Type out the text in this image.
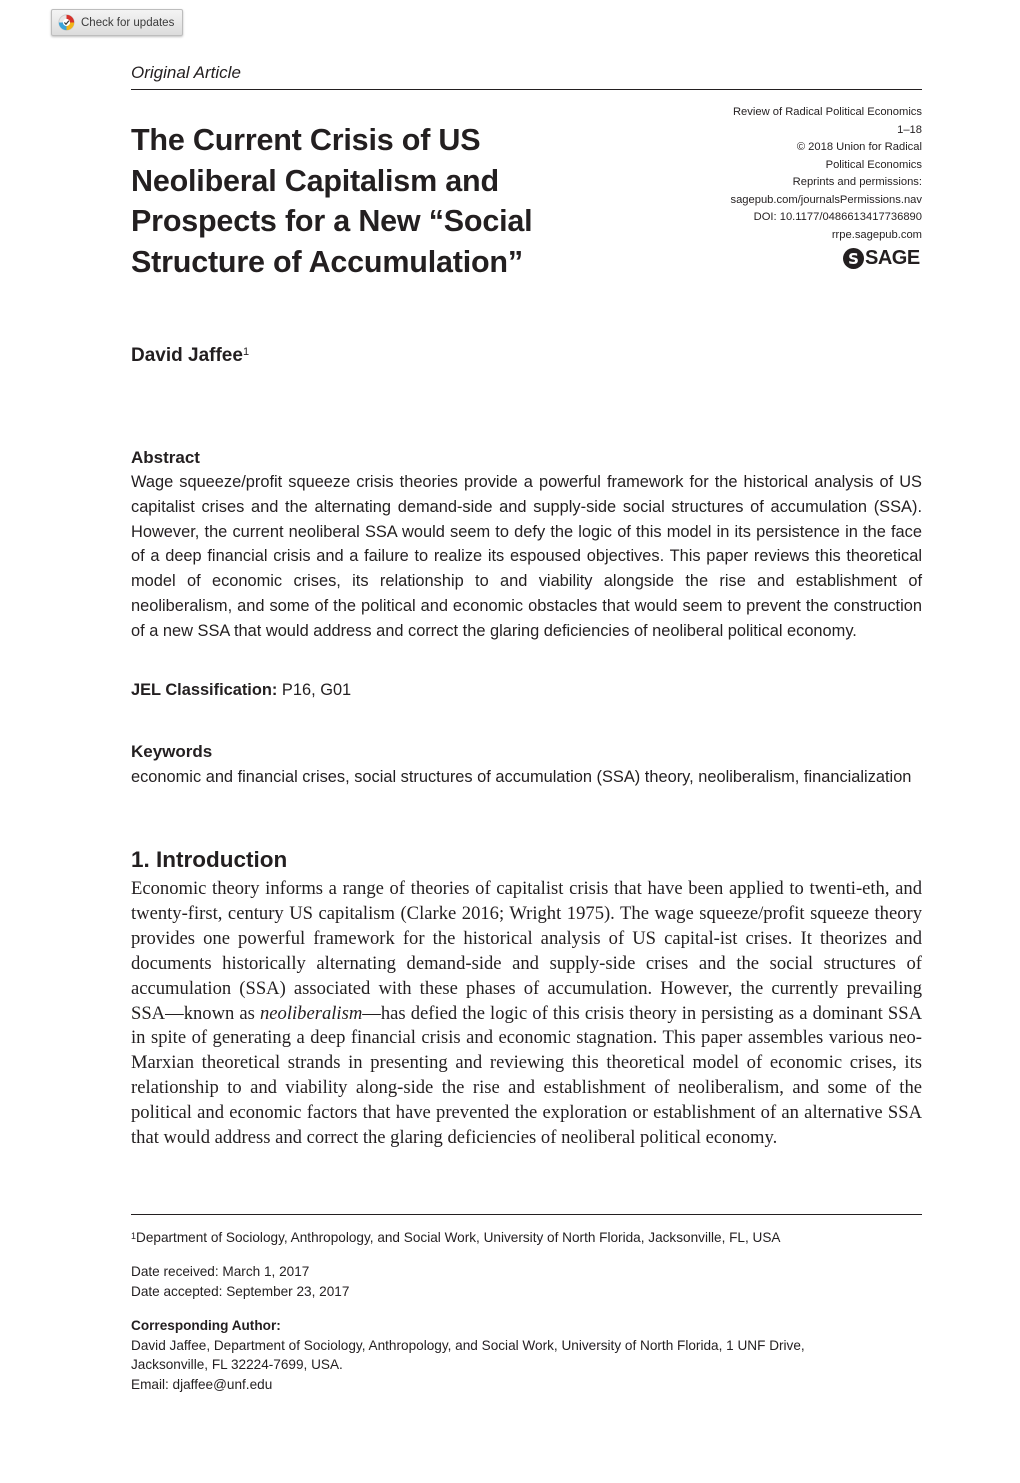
Check for updates
Original Article
The Current Crisis of US Neoliberal Capitalism and Prospects for a New “Social Structure of Accumulation”
Review of Radical Political Economics
1–18
© 2018 Union for Radical
Political Economics
Reprints and permissions:
sagepub.com/journalsPermissions.nav
DOI: 10.1177/0486613417736890
rrpe.sagepub.com
S SAGE
David Jaffee$^1$
Abstract

Wage squeeze/profit squeeze crisis theories provide a powerful framework for the historical analysis of US capitalist crises and the alternating demand-side and supply-side social structures of accumulation (SSA). However, the current neoliberal SSA would seem to defy the logic of this model in its persistence in the face of a deep financial crisis and a failure to realize its espoused objectives. This paper reviews this theoretical model of economic crises, its relationship to and viability alongside the rise and establishment of neoliberalism, and some of the political and economic obstacles that would seem to prevent the construction of a new SSA that would address and correct the glaring deficiencies of neoliberal political economy.

JEL Classification: P16, G01
Keywords

economic and financial crises, social structures of accumulation (SSA) theory, neoliberalism, financialization

1. Introduction

Economic theory informs a range of theories of capitalist crisis that have been applied to twenti-eth, and twenty-first, century US capitalism (Clarke 2016; Wright 1975). The wage squeeze/profit squeeze theory provides one powerful framework for the historical analysis of US capital-ist crises. It theorizes and documents historically alternating demand-side and supply-side crises and the social structures of accumulation (SSA) associated with these phases of accumulation. However, the currently prevailing SSA—known as neoliberalism—has defied the logic of this crisis theory in persisting as a dominant SSA in spite of generating a deep financial crisis and economic stagnation. This paper assembles various neo-Marxian theoretical strands in presenting and reviewing this theoretical model of economic crises, its relationship to and viability along-side the rise and establishment of neoliberalism, and some of the political and economic factors that have prevented the exploration or establishment of an alternative SSA that would address and correct the glaring deficiencies of neoliberal political economy.

$^1$Department of Sociology, Anthropology, and Social Work, University of North Florida, Jacksonville, FL, USA
Date received: March 1, 2017
Date accepted: September 23, 2017
Corresponding Author:
David Jaffee, Department of Sociology, Anthropology, and Social Work, University of North Florida, 1 UNF Drive,
Jacksonville, FL 32224-7699, USA.
Email: djaffee@unf.edu
